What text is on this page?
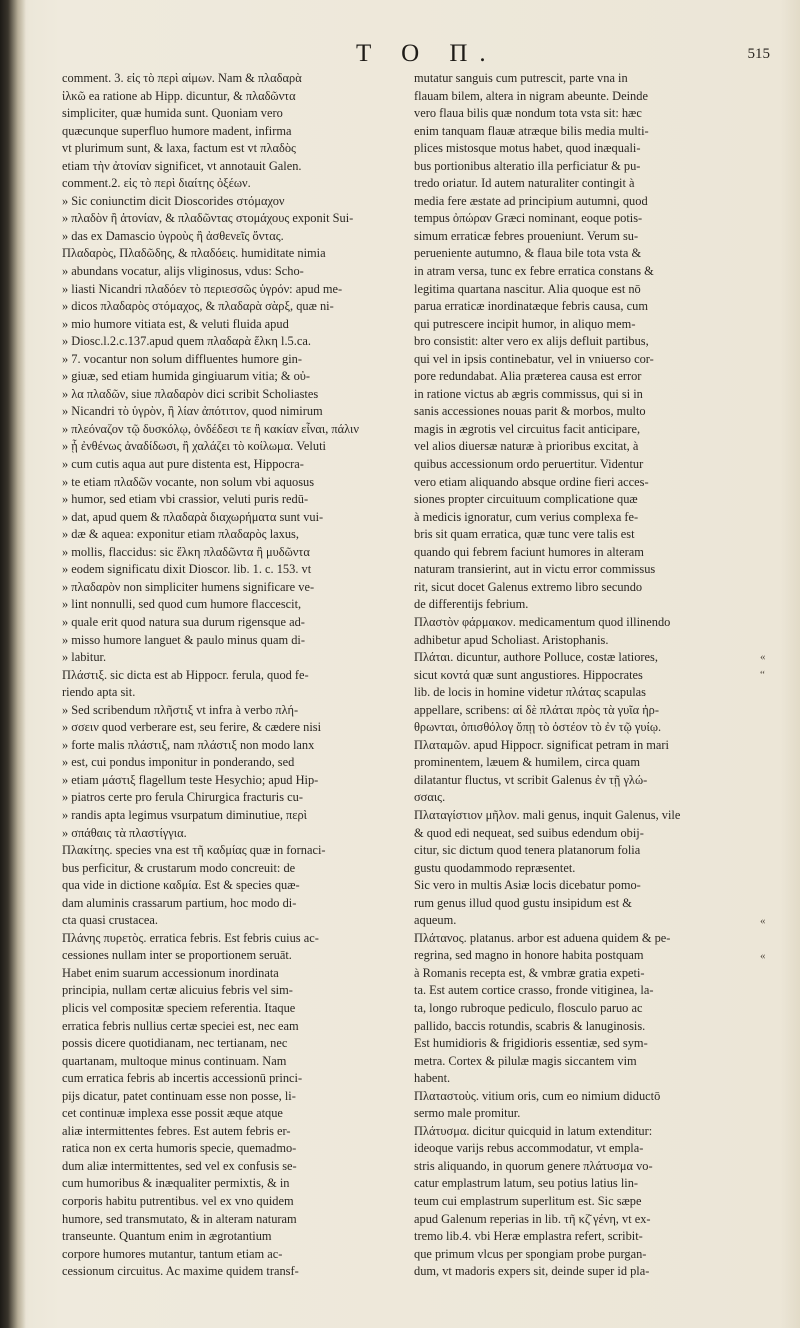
T O П.	515
comment. 3. εἰς τὸ περὶ αἱμων. Nam & πλαδαρὰ
ἰλκῶ ea ratione ab Hipp. dicuntur, & πλαδῶντα
simpliciter, quæ humida sunt. Quoniam vero
quæcunque superfluo humore madent, infirma
vt plurimum sunt, & laxa, factum est vt πλαδὸς
etiam τὴν ἀτονίαν significet, vt annotauit Galen.
comment.2. εἰς τὸ περὶ διαίτης ὀξέων.
» Sic coniunctim dicit Dioscorides στόμαχον
» πλαδὸν ἢ ἀτονίαν, & πλαδῶντας στομάχους exponit Sui-
» das ex Damascio ὑγροὺς ἢ ἀσθενεῖς ὄντας.
Πλαδαρὸς, Πλαδῶδης, & πλαδόεις. humiditate nimia
» abundans vocatur, alijs vliginosus, vdus: Scho-
» liasti Nicandri πλαδόεν τὸ περιεσσῶς ὑγρόν: apud me-
» dicos πλαδαρὸς στόμαχος, & πλαδαρὰ σὰρξ, quæ ni-
» mio humore vitiata est, & veluti fluida apud
» Diosc.l.2.c.137.apud quem πλαδαρὰ ἕλκη l.5.ca.
» 7. vocantur non solum diffluentes humore gin-
» giuæ, sed etiam humida gingiuarum vitia; & οὐ-
» λα πλαδῶν, siue πλαδαρὸν dici scribit Scholiastes
» Nicandri τὸ ὑγρὸν, ἢ λίαν ἀπότιτον, quod nimirum
» πλεόναζον τῷ δυσκόλῳ, ὀνδέδεσι τε ἢ κακίαν εἶναι, πάλιν
» ᾗ ἐνθένως ἀναδίδωσι, ἢ χαλάζει τὸ κοίλωμα. Veluti
» cum cutis aqua aut pure distenta est, Hippocra-
» te etiam πλαδῶν vocante, non solum vbi aquosus
» humor, sed etiam vbi crassior, veluti puris redū-
» dat, apud quem & πλαδαρὰ διαχωρήματα sunt vui-
» dæ & aquea: exponitur etiam πλαδαρὸς laxus,
» mollis, flaccidus: sic ἕλκη πλαδῶντα ἢ μυδῶντα
» eodem significatu dixit Dioscor. lib. 1. c. 153. vt
» πλαδαρὸν non simpliciter humens significare ve-
» lint nonnulli, sed quod cum humore flaccescit,
» quale erit quod natura sua durum rigensque ad-
» misso humore languet & paulo minus quam di-
» labitur.
Πλάστιξ. sic dicta est ab Hippocr. ferula, quod fe-
riendo apta sit.
» Sed scribendum πλῆστιξ vt infra à verbo πλή-
» σσειν quod verberare est, seu ferire, & cædere nisi
» forte malis πλάστιξ, nam πλάστιξ non modo lanx
» est, cui pondus imponitur in ponderando, sed
» etiam μάστιξ flagellum teste Hesychio; apud Hip-
» piatros certe pro ferula Chirurgica fracturis cu-
» randis apta legimus vsurpatum diminutiue, περὶ
» σπάθαις τὰ πλαστίγγια.
Πλακίτης. species vna est τῆ καδμίας quæ in fornaci-
bus perficitur, & crustarum modo concreuit: de
qua vide in dictione καδμία. Est & species quæ-
dam aluminis crassarum partium, hoc modo di-
cta quasi crustacea.
Πλάνης πυρετὸς. erratica febris. Est febris cuius ac-
cessiones nullam inter se proportionem seruāt.
Habet enim suarum accessionum inordinata
principia, nullam certæ alicuius febris vel sim-
plicis vel compositæ speciem referentia. Itaque
erratica febris nullius certæ speciei est, nec eam
possis dicere quotidianam, nec tertianam, nec
quartanam, multoque minus continuam. Nam
cum erratica febris ab incertis accessionū princi-
pijs dicatur, patet continuam esse non posse, li-
cet continuæ implexa esse possit æque atque
aliæ intermittentes febres. Est autem febris er-
ratica non ex certa humoris specie, quemadmo-
dum aliæ intermittentes, sed vel ex confusis se-
cum humoribus & inæqualiter permixtis, & in
corporis habitu putrentibus. vel ex vno quidem
humore, sed transmutato, & in alteram naturam
transeunte. Quantum enim in ægrotantium
corpore humores mutantur, tantum etiam ac-
cessionum circuitus. Ac maxime quidem transf-
mutatur sanguis cum putrescit, parte vna in
flauam bilem, altera in nigram abeunte. Deinde
vero flaua bilis quæ nondum tota vsta sit: hæc
enim tanquam flauæ atræque bilis media multi-
plices mistosque motus habet, quod inæquali-
bus portionibus alteratio illa perficiatur & pu-
tredo oriatur. Id autem naturaliter contingit à
media fere æstate ad principium autumni, quod
tempus ὀπώραν Græci nominant, eoque potis-
simum erraticæ febres proueniunt. Verum su-
perueniente autumno, & flaua bile tota vsta &
in atram versa, tunc ex febre erratica constans &
legitima quartana nascitur. Alia quoque est nō
parua erraticæ inordinatæque febris causa, cum
qui putrescere incipit humor, in aliquo mem-
bro consistit: alter vero ex alijs defluit partibus,
qui vel in ipsis continebatur, vel in vniuerso cor-
pore redundabat. Alia præterea causa est error
in ratione victus ab ægris commissus, qui si in
sanis accessiones nouas parit & morbos, multo
magis in ægrotis vel circuitus facit anticipare,
vel alios diuersæ naturæ à prioribus excitat, à
quibus accessionum ordo peruertitur. Videntur
vero etiam aliquando absque ordine fieri acces-
siones propter circuituum complicatione quæ
à medicis ignoratur, cum verius complexa fe-
bris sit quam erratica, quæ tunc vere talis est
quando qui febrem faciunt humores in alteram
naturam transierint, aut in victu error commissus
rit, sicut docet Galenus extremo libro secundo
de differentijs febrium.
Πλαστὸν φάρμακον. medicamentum quod illinendo
adhibetur apud Scholiast. Aristophanis.
Πλάται. dicuntur, authore Polluce, costæ latiores,
sicut κοντά quæ sunt angustiores. Hippocrates
lib. de locis in homine videtur πλάτας scapulas
appellare, scribens: αἱ δὲ πλάται πρὸς τὰ γυῖα ἠρ-
θρωνται, ὀπισθόλογ ὄπῃ τὸ ὀστέον τὸ ἐν τῷ γυίῳ.
Πλαταμῶν. apud Hippocr. significat petram in mari
prominentem, læuem & humilem, circa quam
dilatantur fluctus, vt scribit Galenus ἐν τῇ γλώ-
σσαις.
Πλαταγίστιον μῆλον. mali genus, inquit Galenus, vile
& quod edi nequeat, sed suibus edendum obij-
citur, sic dictum quod tenera platanorum folia
gustu quodammodo repræsentet.
Sic vero in multis Asiæ locis dicebatur pomo-
rum genus illud quod gustu insipidum est &
aqueum.
Πλάτανος. platanus. arbor est aduena quidem & pe-
regrina, sed magno in honore habita postquam
à Romanis recepta est, & vmbræ gratia expeti-
ta. Est autem cortice crasso, fronde vitiginea, la-
ta, longo rubroque pediculo, flosculo paruo ac
pallido, baccis rotundis, scabris & lanuginosis.
Est humidioris & frigidioris essentiæ, sed sym-
metra. Cortex & pilulæ magis siccantem vim
habent.
Πλαταστοὺς. vitium oris, cum eo nimium diductō
sermo male promitur.
Πλάτυσμα. dicitur quicquid in latum extenditur:
ideoque varijs rebus accommodatur, vt empla-
stris aliquando, in quorum genere πλάτυσμα vo-
catur emplastrum latum, seu potius latius lin-
teum cui emplastrum superlitum est. Sic sæpe
apud Galenum reperias in lib. τῆ κζ͂ γένη, vt ex-
tremo lib.4. vbi Heræ emplastra refert, scribit-
que primum vlcus per spongiam probe purgan-
dum, vt madoris expers sit, deinde super id pla-
«
“
«
«
